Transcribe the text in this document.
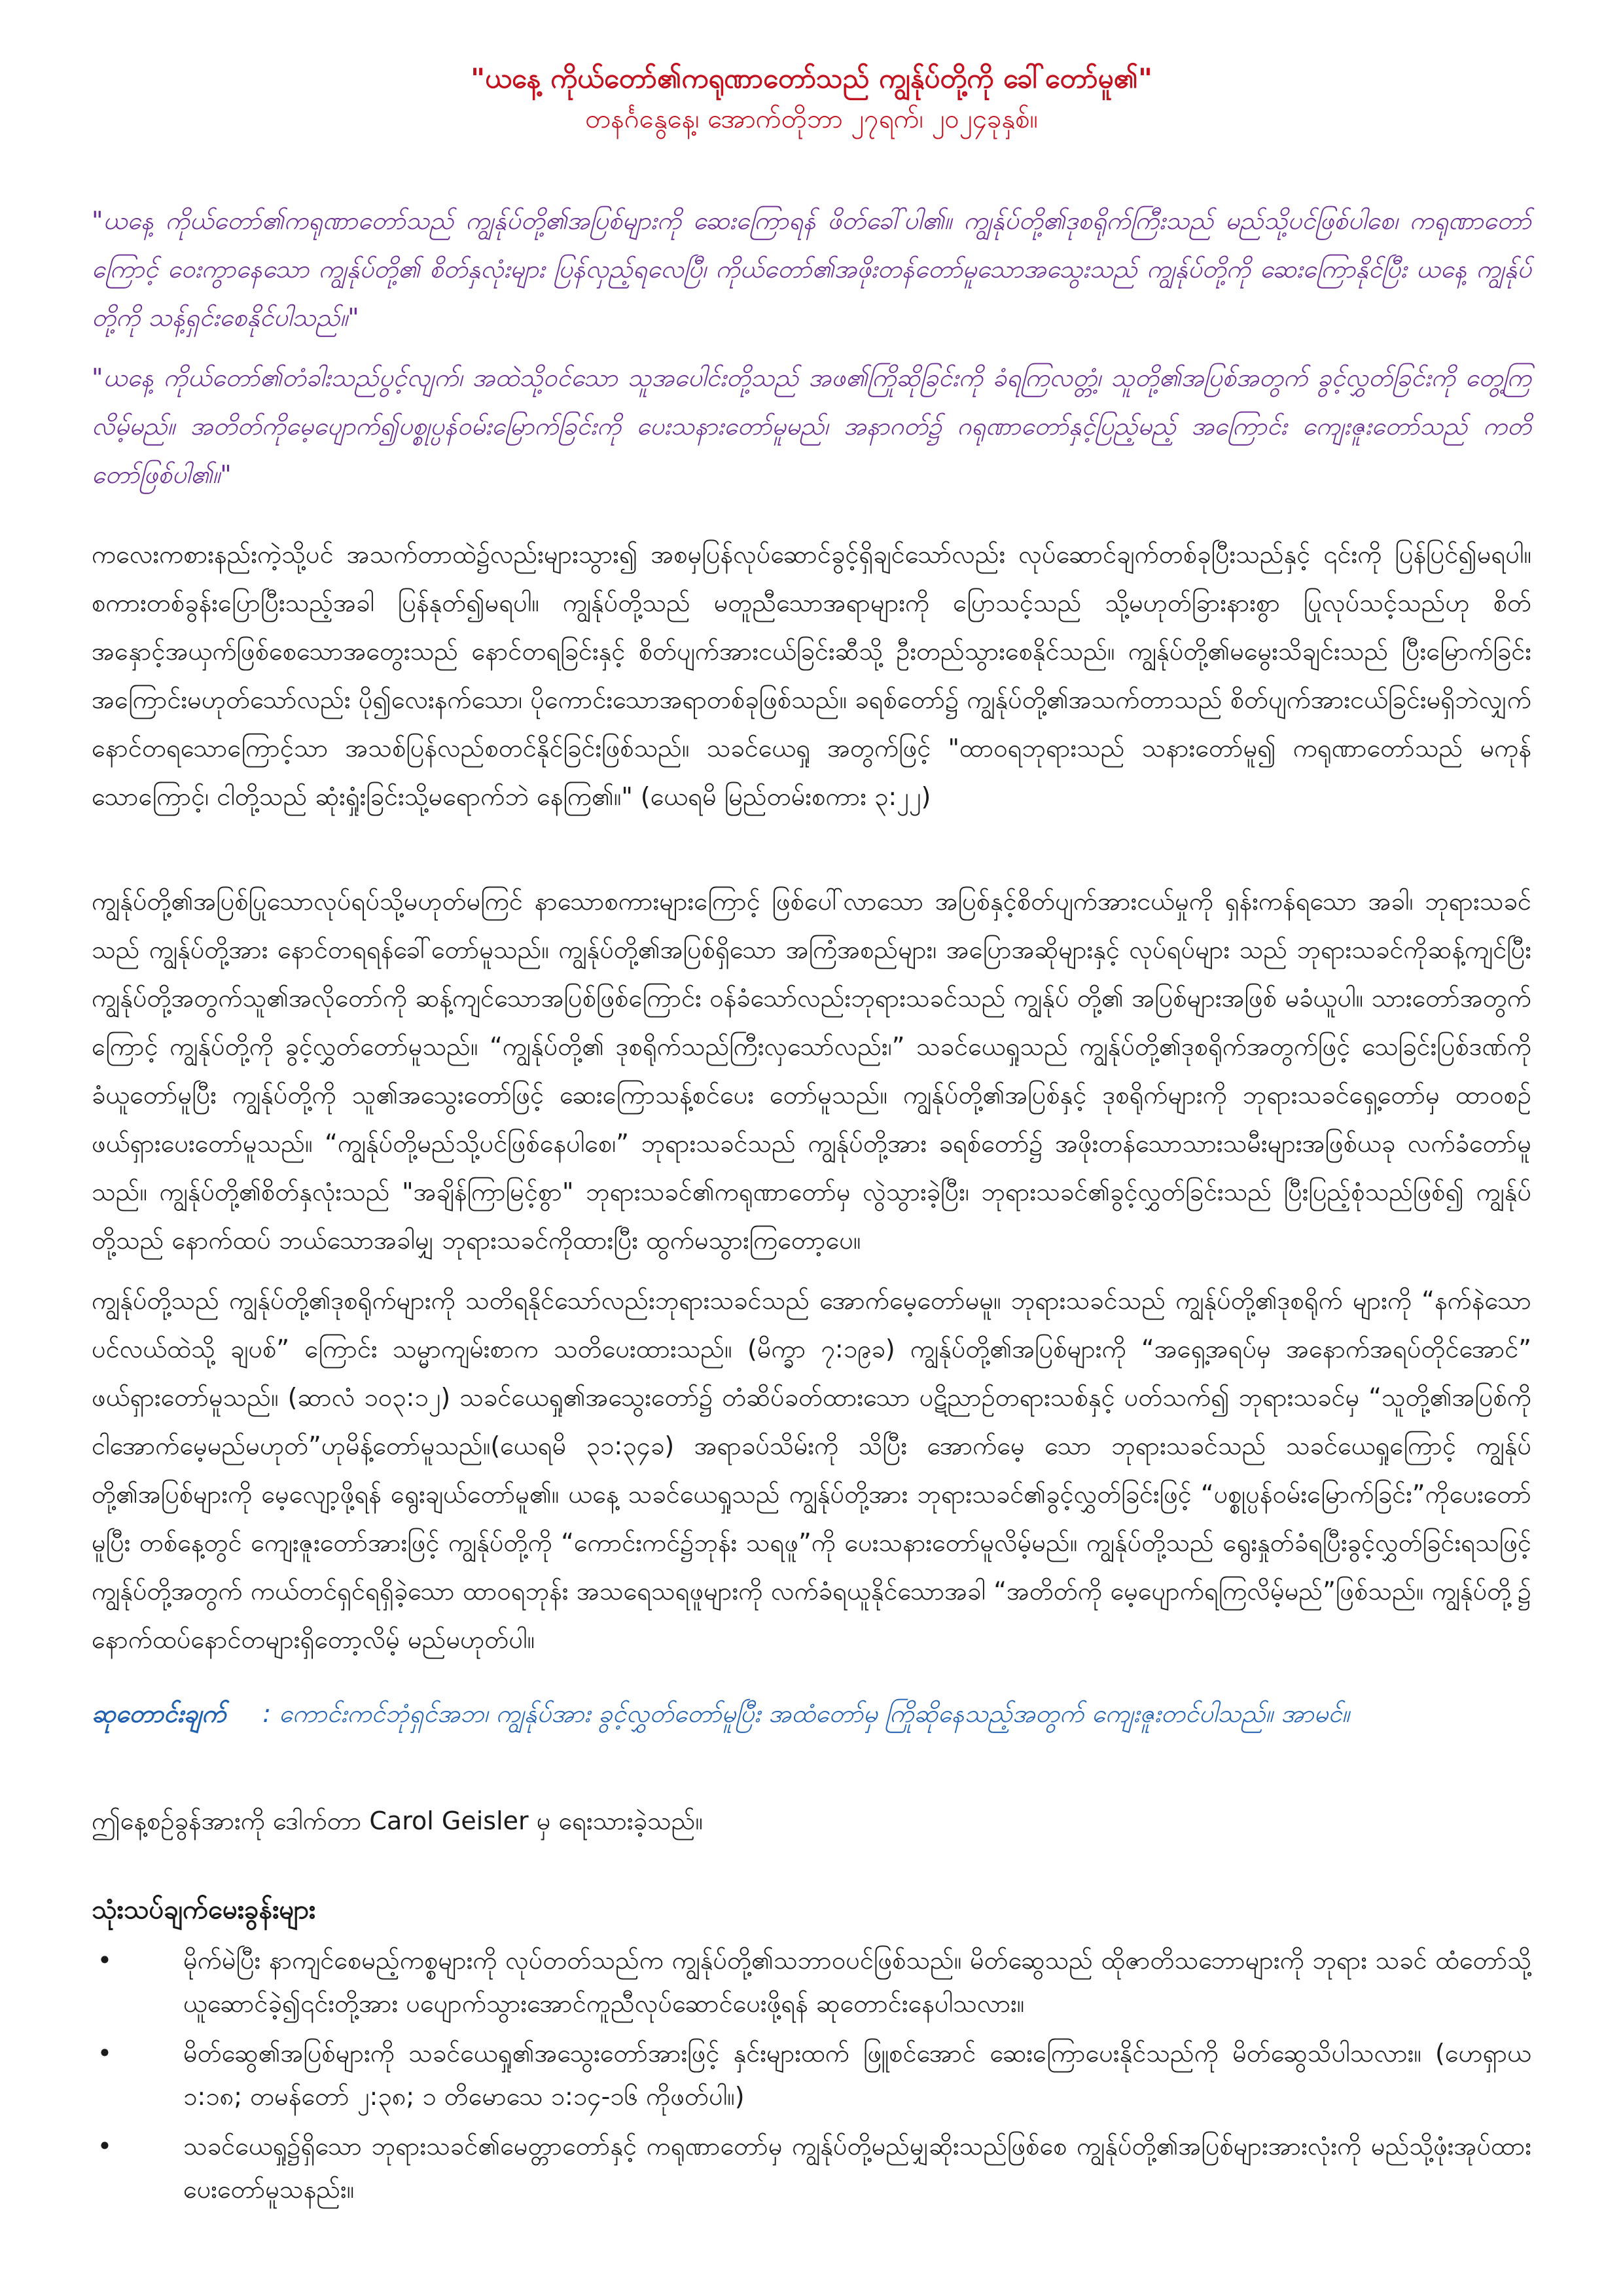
"ယနေ့ ကိုယ်တော်၏ကရုဏာတော်သည် ကျွန်ုပ်တို့ကို ခေါ်တော်မူ၏"

တနင်္ဂနွေနေ့၊ အောက်တိုဘာ ၂၇ရက်၊ ၂၀၂၄ခုနှစ်။

"ယနေ့ ကိုယ်တော်၏ကရုဏာတော်သည် ကျွန်ုပ်တို့၏အပြစ်များကို ဆေးကြောရန် ဖိတ်ခေါ်ပါ၏။ ကျွန်ုပ်တို့၏ဒုစရိုက်ကြီးသည် မည်သို့ပင်ဖြစ်ပါစေ၊ ကရုဏာတော်ကြောင့် ဝေးကွာနေသော ကျွန်ုပ်တို့၏ စိတ်နှလုံးများ ပြန်လှည့်ရလေပြီ၊ ကိုယ်တော်၏အဖိုးတန်တော်မူသောအသွေးသည် ကျွန်ုပ်တို့ကို ဆေးကြောနိုင်ပြီး ယနေ့ ကျွန်ုပ်တို့ကို သန့်ရှင်းစေနိုင်ပါသည်။"

"ယနေ့ ကိုယ်တော်၏တံခါးသည်ပွင့်လျက်၊ အထဲသို့ဝင်သော သူအပေါင်းတို့သည် အဖ၏ကြိုဆိုခြင်းကို ခံရကြလတ္တံ့၊ သူတို့၏အပြစ်အတွက် ခွင့်လွှတ်ခြင်းကို တွေ့ကြလိမ့်မည်။ အတိတ်ကိုမေ့ပျောက်၍ပစ္စုပ္ပန်ဝမ်းမြောက်ခြင်းကို ပေးသနားတော်မူမည်၊ အနာဂတ်၌ ဂရုဏာတော်နှင့်ပြည့်မည့် အကြောင်း ကျေးဇူးတော်သည် ကတိတော်ဖြစ်ပါ၏။"

ကလေးကစားနည်းကဲ့သို့ပင် အသက်တာထဲ၌လည်းများသွား၍ အစမှပြန်လုပ်ဆောင်ခွင့်ရှိချင်သော်လည်း လုပ်ဆောင်ချက်တစ်ခုပြီးသည်နှင့် ၎င်းကို ပြန်ပြင်၍မရပါ။ စကားတစ်ခွန်းပြောပြီးသည့်အခါ ပြန်နုတ်၍မရပါ။ ကျွန်ုပ်တို့သည် မတူညီသောအရာများကို ပြောသင့်သည် သို့မဟုတ်ခြားနားစွာ ပြုလုပ်သင့်သည်ဟု စိတ်အနှောင့်အယှက်ဖြစ်စေသောအတွေးသည် နောင်တရခြင်းနှင့် စိတ်ပျက်အားငယ်ခြင်းဆီသို့ ဦးတည်သွားစေနိုင်သည်။ ကျွန်ုပ်တို့၏မမွေးသိချင်းသည် ပြီးမြောက်ခြင်းအကြောင်းမဟုတ်သော်လည်း ပို၍လေးနက်သော၊ ပိုကောင်းသောအရာတစ်ခုဖြစ်သည်။ ခရစ်တော်၌ ကျွန်ုပ်တို့၏အသက်တာသည် စိတ်ပျက်အားငယ်ခြင်းမရှိဘဲလျှက် နောင်တရသောကြောင့်သာ အသစ်ပြန်လည်စတင်နိုင်ခြင်းဖြစ်သည်။ သခင်ယေရှု အတွက်ဖြင့် "ထာဝရဘုရားသည် သနားတော်မူ၍ ကရုဏာတော်သည် မကုန်သောကြောင့်၊ ငါတို့သည် ဆုံးရှုံးခြင်းသို့မရောက်ဘဲ နေကြ၏။" (ယေရမိ မြည်တမ်းစကား ၃:၂၂)

ကျွန်ုပ်တို့၏အပြစ်ပြုသောလုပ်ရပ်သို့မဟုတ်မကြင် နာသောစကားများကြောင့် ဖြစ်ပေါ်လာသော အပြစ်နှင့်စိတ်ပျက်အားငယ်မှုကို ရှန်းကန်ရသော အခါ၊ ဘုရားသခင်သည် ကျွန်ုပ်တို့အား နောင်တရရန်ခေါ်တော်မူသည်။ ကျွန်ုပ်တို့၏အပြစ်ရှိသော အကြံအစည်များ၊ အပြောအဆိုများနှင့် လုပ်ရပ်များ သည် ဘုရားသခင်ကိုဆန့်ကျင်ပြီး ကျွန်ုပ်တို့အတွက်သူ၏အလိုတော်ကို ဆန့်ကျင်သောအပြစ်ဖြစ်ကြောင်း ဝန်ခံသော်လည်းဘုရားသခင်သည် ကျွန်ုပ် တို့၏ အပြစ်များအဖြစ် မခံယူပါ။ သားတော်အတွက်ကြောင့် ကျွန်ုပ်တို့ကို ခွင့်လွှတ်တော်မူသည်။ “ကျွန်ုပ်တို့၏ ဒုစရိုက်သည်ကြီးလှသော်လည်း၊” သခင်ယေရှုသည် ကျွန်ုပ်တို့၏ဒုစရိုက်အတွက်ဖြင့် သေခြင်းပြစ်ဒဏ်ကို ခံယူတော်မူပြီး ကျွန်ုပ်တို့ကို သူ၏အသွေးတော်ဖြင့် ဆေးကြောသန့်စင်ပေး တော်မူသည်။ ကျွန်ုပ်တို့၏အပြစ်နှင့် ဒုစရိုက်များကို ဘုရားသခင်ရှေ့တော်မှ ထာဝစဉ်ဖယ်ရှားပေးတော်မူသည်။ “ကျွန်ုပ်တို့မည်သို့ပင်ဖြစ်နေပါစေ၊” ဘုရားသခင်သည် ကျွန်ုပ်တို့အား ခရစ်တော်၌ အဖိုးတန်သောသားသမီးများအဖြစ်ယခု လက်ခံတော်မူသည်။ ကျွန်ုပ်တို့၏စိတ်နှလုံးသည် "အချိန်ကြာမြင့်စွာ" ဘုရားသခင်၏ကရုဏာတော်မှ လွဲသွားခဲ့ပြီး၊ ဘုရားသခင်၏ခွင့်လွှတ်ခြင်းသည် ပြီးပြည့်စုံသည်ဖြစ်၍ ကျွန်ုပ်တို့သည် နောက်ထပ် ဘယ်သောအခါမျှ ဘုရားသခင်ကိုထားပြီး ထွက်မသွားကြတော့ပေ။

ကျွန်ုပ်တို့သည် ကျွန်ုပ်တို့၏ဒုစရိုက်များကို သတိရနိုင်သော်လည်းဘုရားသခင်သည် အောက်မေ့တော်မမူ။ ဘုရားသခင်သည် ကျွန်ုပ်တို့၏ဒုစရိုက် များကို “နက်နဲသောပင်လယ်ထဲသို့ ချပစ်” ကြောင်း သမ္မာကျမ်းစာက သတိပေးထားသည်။ (မိက္ခာ ၇:၁၉ခ) ကျွန်ုပ်တို့၏အပြစ်များကို “အရှေ့အရပ်မှ အနောက်အရပ်တိုင်အောင်” ဖယ်ရှားတော်မူသည်။ (ဆာလံ ၁၀၃:၁၂) သခင်ယေရှု၏အသွေးတော်၌ တံဆိပ်ခတ်ထားသော ပဋိညာဉ်တရားသစ်နှင့် ပတ်သက်၍ ဘုရားသခင်မှ “သူတို့၏အပြစ်ကို ငါအောက်မေ့မည်မဟုတ်”ဟုမိန့်တော်မူသည်။(ယေရမိ ၃၁:၃၄ခ) အရာခပ်သိမ်းကို သိပြီး အောက်မေ့ သော ဘုရားသခင်သည် သခင်ယေရှုကြောင့် ကျွန်ုပ်တို့၏အပြစ်များကို မေ့လျော့ဖို့ရန် ရွေးချယ်တော်မူ၏။ ယနေ့ သခင်ယေရှုသည် ကျွန်ုပ်တို့အား ဘုရားသခင်၏ခွင့်လွှတ်ခြင်းဖြင့် “ပစ္စုပ္ပန်ဝမ်းမြောက်ခြင်း”ကိုပေးတော်မူပြီး တစ်နေ့တွင် ကျေးဇူးတော်အားဖြင့် ကျွန်ုပ်တို့ကို “ကောင်းကင်၌ဘုန်း သရဖူ”ကို ပေးသနားတော်မူလိမ့်မည်။ ကျွန်ုပ်တို့သည် ရွေးနှုတ်ခံရပြီးခွင့်လွှတ်ခြင်းရသဖြင့် ကျွန်ုပ်တို့အတွက် ကယ်တင်ရှင်ရရှိခဲ့သော ထာဝရဘုန်း အသရေသရဖူများကို လက်ခံရယူနိုင်သောအခါ “အတိတ်ကို မေ့ပျောက်ရကြလိမ့်မည်”ဖြစ်သည်။ ကျွန်ုပ်တို့၌ နောက်ထပ်နောင်တများရှိတော့လိမ့် မည်မဟုတ်ပါ။

ဆုတောင်းချက် : ကောင်းကင်ဘုံရှင်အဘ၊ ကျွန်ုပ်အား ခွင့်လွှတ်တော်မူပြီး အထံတော်မှ ကြိုဆိုနေသည့်အတွက် ကျေးဇူးတင်ပါသည်။ အာမင်။
ဤနေ့စဉ်ခွန်အားကို ဒေါက်တာ Carol Geisler မှ ရေးသားခဲ့သည်။
သုံးသပ်ချက်မေးခွန်းများ
•	မိုက်မဲပြီး နာကျင်စေမည့်ကစ္စများကို လုပ်တတ်သည်က ကျွန်ုပ်တို့၏သဘာဝပင်ဖြစ်သည်။ မိတ်ဆွေသည် ထိုဇာတိသဘောများကို ဘုရား သခင် ထံတော်သို့ ယူဆောင်ခဲ့၍၎င်းတို့အား ပပျောက်သွားအောင်ကူညီလုပ်ဆောင်ပေးဖို့ရန် ဆုတောင်းနေပါသလား။
•	မိတ်ဆွေ၏အပြစ်များကို သခင်ယေရှု၏အသွေးတော်အားဖြင့် နှင်းများထက် ဖြူစင်အောင် ဆေးကြောပေးနိုင်သည်ကို မိတ်ဆွေသိပါသလား။ (ဟေရှာယ ၁:၁၈; တမန်တော် ၂:၃၈; ၁ တိမောသေ ၁:၁၄-၁၆ ကိုဖတ်ပါ။)
•	သခင်ယေရှု၌ရှိသော ဘုရားသခင်၏မေတ္တာတော်နှင့် ကရုဏာတော်မှ ကျွန်ုပ်တို့မည်မျှဆိုးသည်ဖြစ်စေ ကျွန်ုပ်တို့၏အပြစ်များအားလုံးကို မည်သို့ဖုံးအုပ်ထားပေးတော်မူသနည်း။
